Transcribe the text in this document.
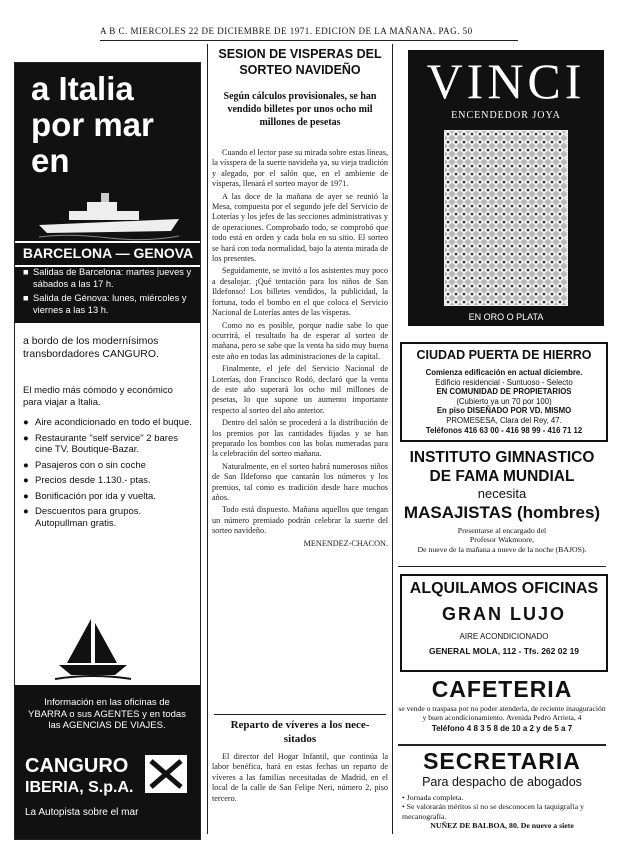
A B C. MIERCOLES 22 DE DICIEMBRE DE 1971. EDICION DE LA MAÑANA. PAG. 50
a Italia
por mar en
BARCELONA — GENOVA
■ Salidas de Barcelona: martes jueves y sábados a las 17 h.
■ Salida de Génova: lunes, miércoles y viernes a las 13 h.
a bordo de los modernísimos transbordadores CANGURO.
El medio más cómodo y económico para viajar a Italia.
● Aire acondicionado en todo el buque.
● Restaurante "self service" 2 bares cine TV. Boutique-Bazar.
● Pasajeros con o sin coche
● Precios desde 1.130.- ptas.
● Bonificación por ida y vuelta.
● Descuentos para grupos. Autopullman gratis.
Información en las oficinas de YBARRA o sus AGENTES y en todas las AGENCIAS DE VIAJES.
CANGURO
IBERIA, S.p.A.
La Autopista sobre el mar
SESION DE VISPERAS DEL
SORTEO NAVIDEÑO
Según cálculos provisionales, se han vendido billetes por unos ocho mil millones de pesetas

Cuando el lector pase su mirada sobre estas líneas, la vísspera de la suerte navideña ya, su vieja tradición y alegado, por el salón que, en el ambiente de vísperas, llenará el sorteo mayor de 1971.

A las doce de la mañana de ayer se reunió la Mesa, compuesta por el segundo jefe del Servicio de Loterías y los jefes de las secciones administrativas y de operaciones. Comprobado todo, se comprobó que todo está en orden y cada bola en su sitio. El sorteo se hará con toda normalidad, bajo la atenta mirada de los presentes.

Seguidamente, se invitó a los asistentes muy poco a desalojar. ¡Qué tentación para los niños de San Ildefonso! Los billetes vendidos, la publicidad, la fortuna, todo el bombo en el que coloca el Servicio Nacional de Loterías antes de las vísperas.

Como no es posible, porque nadie sabe lo que ocurrirá, el resultado ha de esperar al sorteo de mañana, pero se sabe que la venta ha sido muy buena este año en todas las administraciones de la capital.

Finalmente, el jefe del Servicio Nacional de Loterías, don Francisco Rodó, declaró que la venta de este año superará los ocho mil millones de pesetas, lo que supone un aumento importante respecto al sorteo del año anterior.

Dentro del salón se procederá a la distribución de los premios por las cantidades fijadas y se han preparado los bombos con las bolas numeradas para la celebración del sorteo mañana.

Naturalmente, en el sorteo habrá numerosos niños de San Ildefonso que cantarán los números y los premios, tal como es tradición desde hace muchos años.

Todo está dispuesto. Mañana aquellos que tengan un número premiado podrán celebrar la suerte del sorteo navideño.

MENENDEZ-CHACON.
Reparto de víveres a los nece-
sitados
El director del Hogar Infantil, que continúa la labor benéfica, hará en estas fechas un reparto de víveres a las familias necesitadas de Madrid, en el local de la calle de San Felipe Neri, número 2, piso tercero.
VINCI
ENCENDEDOR JOYA
EN ORO O PLATA
CIUDAD PUERTA DE HIERRO
Comienza edificación en actual diciembre.
Edificio residencial - Suntuoso - Selecto
EN COMUNIDAD DE PROPIETARIOS
(Cubierto ya un 70 por 100)
En piso DISEÑADO POR VD. MISMO
PROMESESA, Clara del Rey, 47.
Teléfonos 416 63 00 - 416 98 99 - 416 71 12
INSTITUTO GIMNASTICO
DE FAMA MUNDIAL
necesita
MASAJISTAS (hombres)
Presentarse al encargado del
Profesor Wakmoore,
De nueve de la mañana a nueve de la noche (BAJOS).
ALQUILAMOS OFICINAS
GRAN LUJO
AIRE ACONDICIONADO
GENERAL MOLA, 112 - Tfs. 262 02 19
CAFETERIA
se vende o traspasa por no poder atenderla, de reciente inauguración y buen acondicionamiento. Avenida Pedro Arrieta, 4
Teléfono 4 8 3 5 8 de 10 a 2 y de 5 a 7
SECRETARIA
Para despacho de abogados
• Jornada completa.
• Se valorarán méritos si no se desconocen la taquigrafía y mecanografía.
NUÑEZ DE BALBOA, 80. De nueve a siete
